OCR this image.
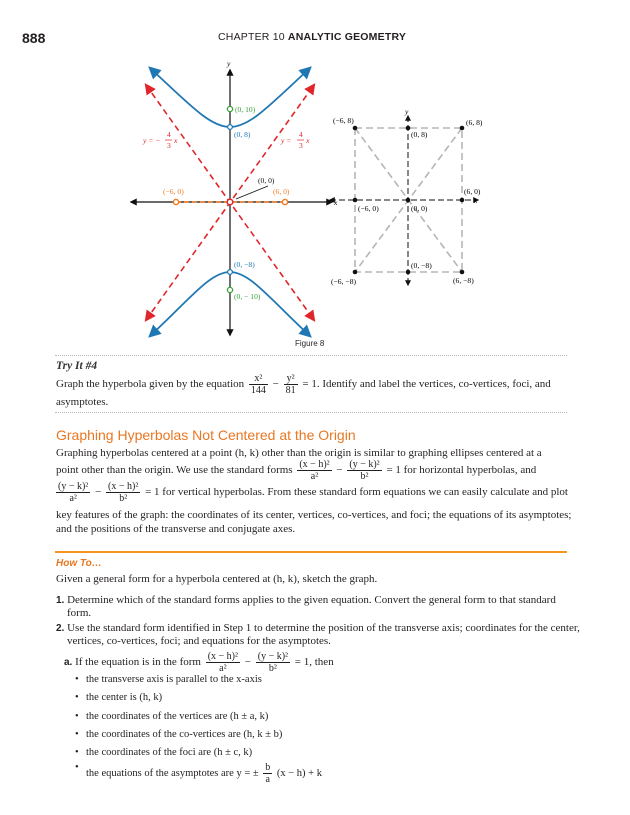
888	CHAPTER 10 ANALYTIC GEOMETRY
x
y
(0, 10)
(0, 8)
(0, 0)
(−6, 0)	(6, 0)
(0, −8)
(0, − 10)
y = −
4
3
x	y =
4
3
x
x
y
(−6, 8)	(6, 8)
(0, 8)
(6, 0)
(−6, 0)	(0, 0)
(0, −8)
(−6, −8)	(6, −8)
Figure 8
Try It #4
Graph the hyperbola given by the equation $\frac{\text{x²}}{144} - \frac{\text{y²}}{81} = 1$. Identify and label the vertices, co-vertices, foci, and
asymptotes.
Graphing Hyperbolas Not Centered at the Origin
Graphing hyperbolas centered at a point (h, k) other than the origin is similar to graphing ellipses centered at a
point other than the origin. We use the standard forms $\frac{\text{(x − h)²}}{\text{a²}} - \frac{\text{(y − k)²}}{\text{b²}} = 1$ for horizontal hyperbolas, and
$\frac{\text{(y − k)²}}{\text{a²}} - \frac{\text{(x − h)²}}{\text{b²}} = 1$ for vertical hyperbolas. From these standard form equations we can easily calculate and plot
key features of the graph: the coordinates of its center, vertices, co-vertices, and foci; the equations of its asymptotes;
and the positions of the transverse and conjugate axes.
How To…
Given a general form for a hyperbola centered at (h, k), sketch the graph.
1. Determine which of the standard forms applies to the given equation. Convert the general form to that standard
form.
2. Use the standard form identified in Step 1 to determine the position of the transverse axis; coordinates for the center,
vertices, co-vertices, foci; and equations for the asymptotes.
a. If the equation is in the form $\frac{\text{(x − h)²}}{\text{a²}} - \frac{\text{(y − k)²}}{\text{b²}} = 1$, then
• the transverse axis is parallel to the x-axis
• the center is (h, k)
• the coordinates of the vertices are (h ± a, k)
• the coordinates of the co-vertices are (h, k ± b)
• the coordinates of the foci are (h ± c, k)
• the equations of the asymptotes are y = ± $\frac{b}{a} (x - h) + k$
